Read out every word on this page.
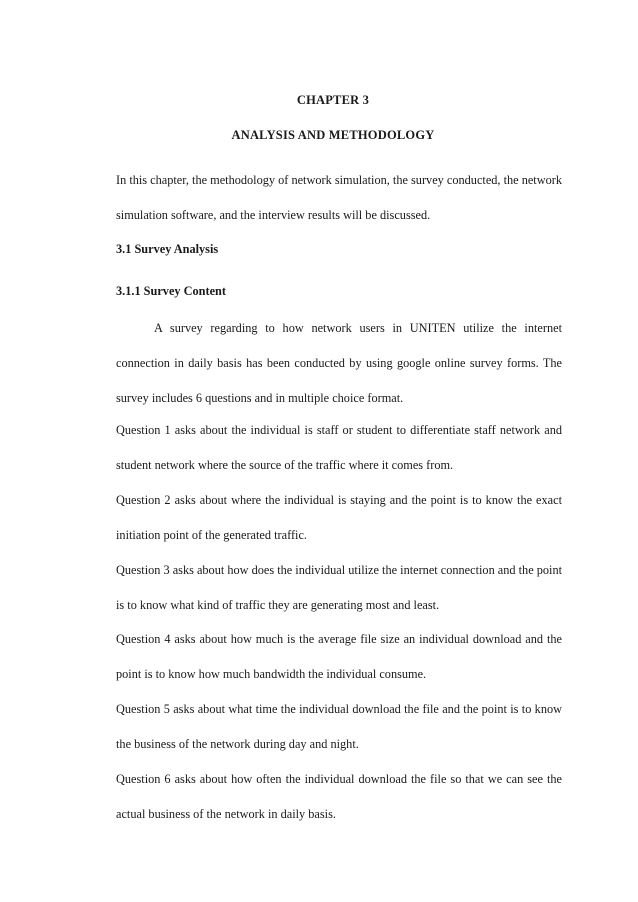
CHAPTER 3
ANALYSIS AND METHODOLOGY

In this chapter, the methodology of network simulation, the survey conducted, the network simulation software, and the interview results will be discussed.

3.1 Survey Analysis

3.1.1 Survey Content

A survey regarding to how network users in UNITEN utilize the internet connection in daily basis has been conducted by using google online survey forms. The survey includes 6 questions and in multiple choice format.

Question 1 asks about the individual is staff or student to differentiate staff network and student network where the source of the traffic where it comes from.

Question 2 asks about where the individual is staying and the point is to know the exact initiation point of the generated traffic.

Question 3 asks about how does the individual utilize the internet connection and the point is to know what kind of traffic they are generating most and least.

Question 4 asks about how much is the average file size an individual download and the point is to know how much bandwidth the individual consume.

Question 5 asks about what time the individual download the file and the point is to know the business of the network during day and night.

Question 6 asks about how often the individual download the file so that we can see the actual business of the network in daily basis.
